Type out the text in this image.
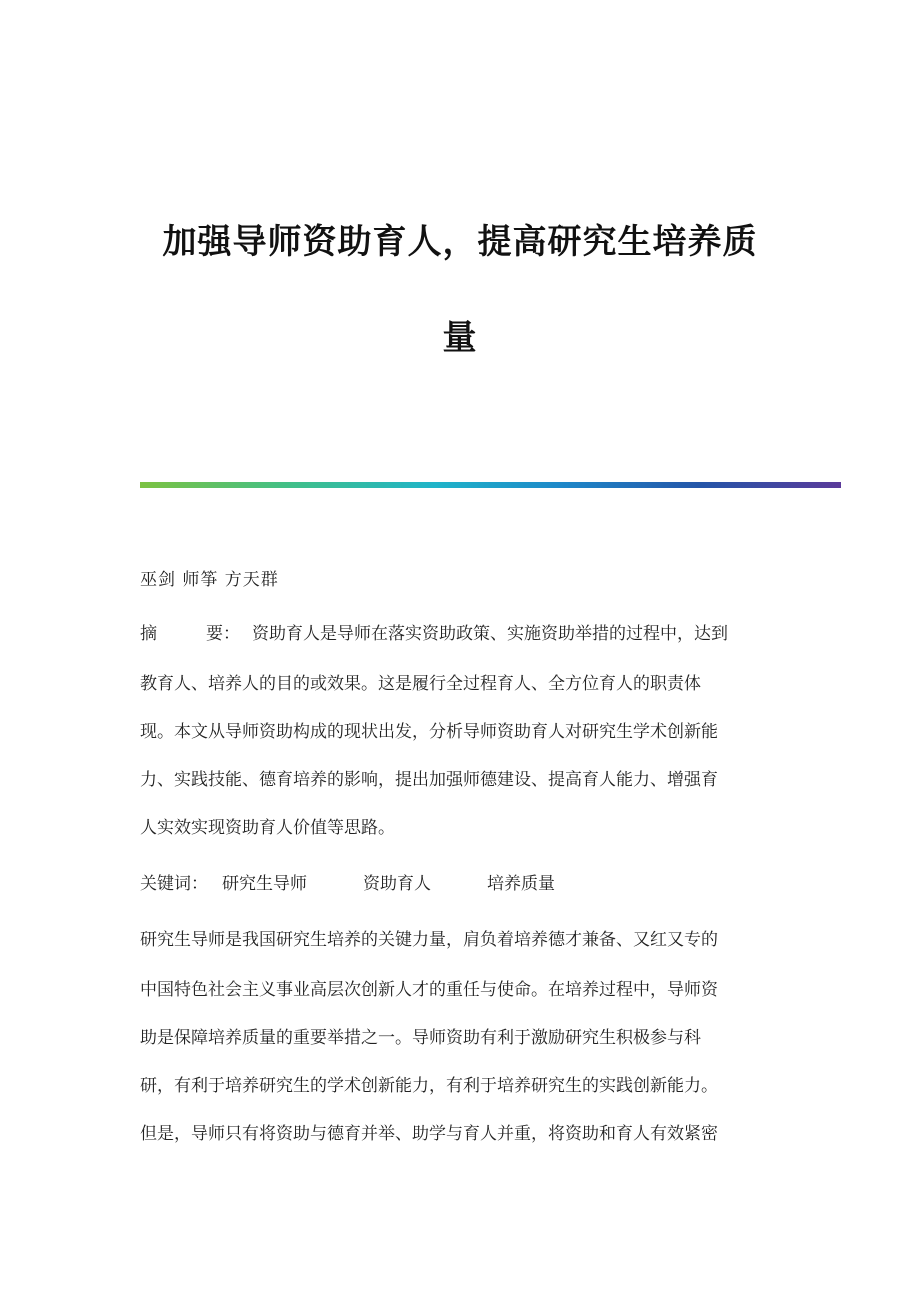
加强导师资助育人，提高研究生培养质
量
巫剑 师筝 方天群
摘	要： 资助育人是导师在落实资助政策、实施资助举措的过程中，达到
教育人、培养人的目的或效果。这是履行全过程育人、全方位育人的职责体
现。本文从导师资助构成的现状出发，分析导师资助育人对研究生学术创新能
力、实践技能、德育培养的影响，提出加强师德建设、提高育人能力、增强育
人实效实现资助育人价值等思路。
关键词： 研究生导师	资助育人	培养质量
研究生导师是我国研究生培养的关键力量，肩负着培养德才兼备、又红又专的
中国特色社会主义事业高层次创新人才的重任与使命。在培养过程中，导师资
助是保障培养质量的重要举措之一。导师资助有利于激励研究生积极参与科
研，有利于培养研究生的学术创新能力，有利于培养研究生的实践创新能力。
但是，导师只有将资助与德育并举、助学与育人并重，将资助和育人有效紧密
